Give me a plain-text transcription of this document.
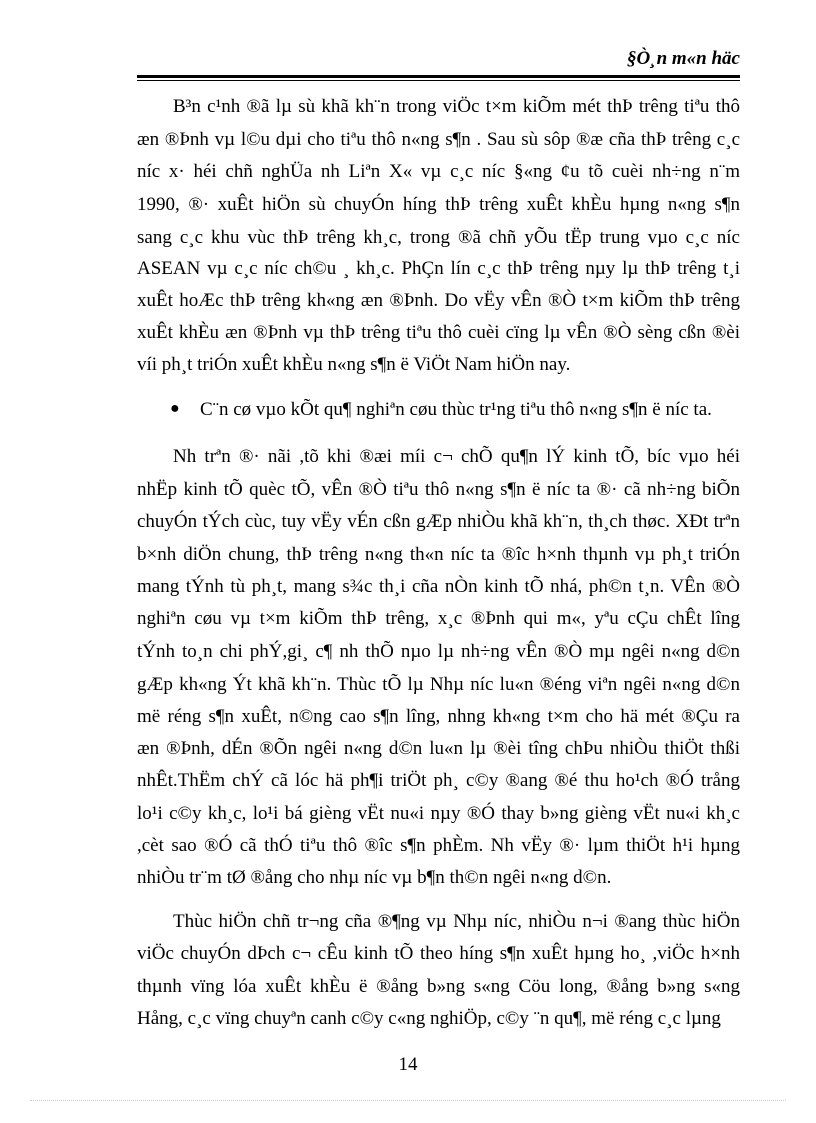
§Ò¸n m«n häc
B³n c¹nh ®ã lµ sù khã kh¨n trong viÖc t×m kiÕm mét thÞ trêng tiªu thô
æn ®Þnh vµ l©u dµi cho tiªu thô n«ng s¶n . Sau sù sôp ®æ cña thÞ trêng c¸c
níc x· héi chñ nghÜa nh Liªn X« vµ c¸c níc §«ng ¢u tõ cuèi nh÷ng n¨m
1990, ®· xuÊt hiÖn sù chuyÓn híng thÞ trêng xuÊt khÈu hµng n«ng s¶n
sang c¸c khu vùc thÞ trêng kh¸c, trong ®ã chñ yÕu tËp trung vµo c¸c níc
ASEAN vµ c¸c níc ch©u ¸ kh¸c. PhÇn lín c¸c thÞ trêng nµy lµ thÞ trêng t¸i
xuÊt hoÆc thÞ trêng kh«ng æn ®Þnh. Do vËy vÊn ®Ò t×m kiÕm thÞ trêng
xuÊt khÈu æn ®Þnh vµ thÞ trêng tiªu thô cuèi cïng lµ vÊn ®Ò sèng cßn ®èi
víi ph¸t triÓn xuÊt khÈu n«ng s¶n ë ViÖt Nam hiÖn nay.
● C¨n cø vµo kÕt qu¶ nghiªn cøu thùc tr¹ng tiªu thô n«ng s¶n ë níc ta.
Nh trªn ®· nãi ,tõ khi ®æi míi c¬ chÕ qu¶n lÝ kinh tÕ, bíc vµo héi
nhËp kinh tÕ quèc tÕ, vÊn ®Ò tiªu thô n«ng s¶n ë níc ta ®· cã nh÷ng biÕn
chuyÓn tÝch cùc, tuy vËy vÉn cßn gÆp nhiÒu khã kh¨n, th¸ch thøc. XÐt trªn
b×nh diÖn chung, thÞ trêng n«ng th«n níc ta ®îc h×nh thµnh vµ ph¸t triÓn
mang tÝnh tù ph¸t, mang s¾c th¸i cña nÒn kinh tÕ nhá, ph©n t¸n. VÊn ®Ò
nghiªn cøu vµ t×m kiÕm thÞ trêng, x¸c ®Þnh qui m«, yªu cÇu chÊt lîng
tÝnh to¸n chi phÝ,gi¸ c¶ nh thÕ nµo lµ nh÷ng vÊn ®Ò mµ ngêi n«ng d©n
gÆp kh«ng Ýt khã kh¨n. Thùc tÕ lµ Nhµ níc lu«n ®éng viªn ngêi n«ng d©n
më réng s¶n xuÊt, n©ng cao s¶n lîng, nhng kh«ng t×m cho hä mét ®Çu ra
æn ®Þnh, dÉn ®Õn ngêi n«ng d©n lu«n lµ ®èi tîng chÞu nhiÒu thiÖt thßi
nhÊt.ThËm chÝ cã lóc hä ph¶i triÖt ph¸ c©y ®ang ®é thu ho¹ch ®Ó trång
lo¹i c©y kh¸c, lo¹i bá gièng vËt nu«i nµy ®Ó thay b»ng gièng vËt nu«i kh¸c
,cèt sao ®Ó cã thÓ tiªu thô ®îc s¶n phÈm. Nh vËy ®· lµm thiÖt h¹i hµng
nhiÒu tr¨m tØ ®ång cho nhµ níc vµ b¶n th©n ngêi n«ng d©n.
Thùc hiÖn chñ tr¬ng cña ®¶ng vµ Nhµ níc, nhiÒu n¬i ®ang thùc hiÖn
viÖc chuyÓn dÞch c¬ cÊu kinh tÕ theo híng s¶n xuÊt hµng ho¸ ,viÖc h×nh
thµnh vïng lóa xuÊt khÈu ë ®ång b»ng s«ng Cöu long, ®ång b»ng s«ng
Hång, c¸c vïng chuyªn canh c©y c«ng nghiÖp, c©y ¨n qu¶, më réng c¸c lµng
14
